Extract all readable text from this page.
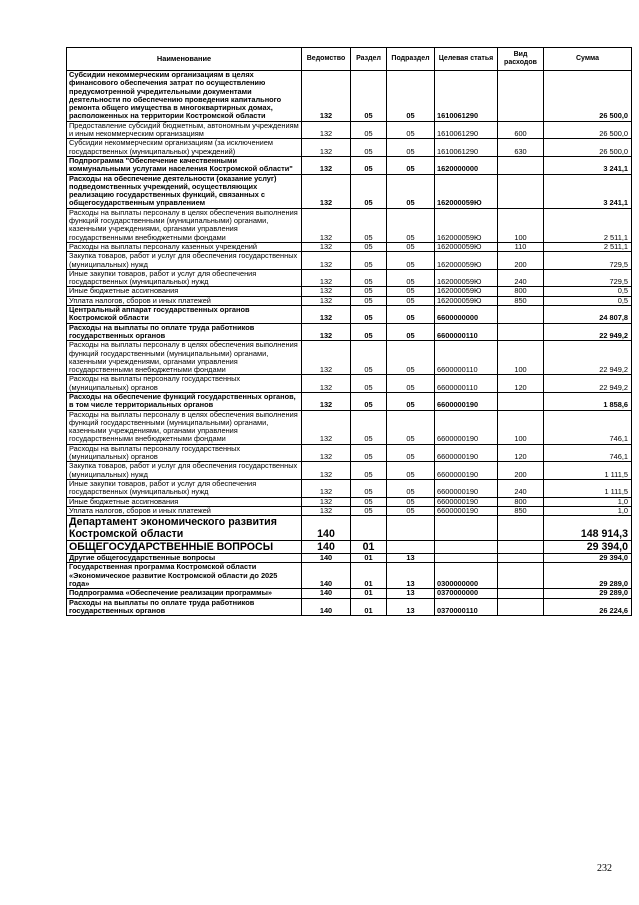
Наименование	Ведомство	Раздел	Подраздел	Целевая статья	Вид расходов	Сумма
Субсидии некоммерческим организациям в целях финансового обеспечения затрат по осуществлению предусмотренной учредительными документами деятельности по обеспечению проведения капитального ремонта общего имущества в многоквартирных домах, расположенных на территории Костромской области	132	05	05	1610061290		26 500,0
Предоставление субсидий бюджетным, автономным учреждениям и иным некоммерческим организациям	132	05	05	1610061290	600	26 500,0
Субсидии некоммерческим организациям (за исключением государственных (муниципальных) учреждений)	132	05	05	1610061290	630	26 500,0
Подпрограмма "Обеспечение качественными коммунальными услугами населения Костромской области"	132	05	05	1620000000		3 241,1
Расходы на обеспечение деятельности (оказание услуг) подведомственных учреждений, осуществляющих реализацию государственных функций, связанных с общегосударственным управлением	132	05	05	162000059Ю		3 241,1
Расходы на выплаты персоналу в целях обеспечения выполнения функций государственными (муниципальными) органами, казенными учреждениями, органами управления государственными внебюджетными фондами	132	05	05	162000059Ю	100	2 511,1
Расходы на выплаты персоналу казенных учреждений	132	05	05	162000059Ю	110	2 511,1
Закупка товаров, работ и услуг для обеспечения государственных (муниципальных) нужд	132	05	05	162000059Ю	200	729,5
Иные закупки товаров, работ и услуг для обеспечения государственных (муниципальных) нужд	132	05	05	162000059Ю	240	729,5
Иные бюджетные ассигнования	132	05	05	162000059Ю	800	0,5
Уплата налогов, сборов и иных платежей	132	05	05	162000059Ю	850	0,5
Центральный аппарат государственных органов Костромской области	132	05	05	6600000000		24 807,8
Расходы на выплаты по оплате труда работников государственных органов	132	05	05	6600000110		22 949,2
Расходы на выплаты персоналу в целях обеспечения выполнения функций государственными (муниципальными) органами, казенными учреждениями, органами управления государственными внебюджетными фондами	132	05	05	6600000110	100	22 949,2
Расходы на выплаты персоналу государственных (муниципальных) органов	132	05	05	6600000110	120	22 949,2
Расходы на обеспечение функций государственных органов, в том числе территориальных органов	132	05	05	6600000190		1 858,6
Расходы на выплаты персоналу в целях обеспечения выполнения функций государственными (муниципальными) органами, казенными учреждениями, органами управления государственными внебюджетными фондами	132	05	05	6600000190	100	746,1
Расходы на выплаты персоналу государственных (муниципальных) органов	132	05	05	6600000190	120	746,1
Закупка товаров, работ и услуг для обеспечения государственных (муниципальных) нужд	132	05	05	6600000190	200	1 111,5
Иные закупки товаров, работ и услуг для обеспечения государственных (муниципальных) нужд	132	05	05	6600000190	240	1 111,5
Иные бюджетные ассигнования	132	05	05	6600000190	800	1,0
Уплата налогов, сборов и иных платежей	132	05	05	6600000190	850	1,0
Департамент экономического развития Костромской области	140					148 914,3
ОБЩЕГОСУДАРСТВЕННЫЕ ВОПРОСЫ	140	01				29 394,0
Другие общегосударственные вопросы	140	01	13			29 394,0
Государственная программа Костромской области «Экономическое развитие Костромской области до 2025 года»	140	01	13	0300000000		29 289,0
Подпрограмма «Обеспечение реализации программы»	140	01	13	0370000000		29 289,0
Расходы на выплаты по оплате труда работников государственных органов	140	01	13	0370000110		26 224,6
232
